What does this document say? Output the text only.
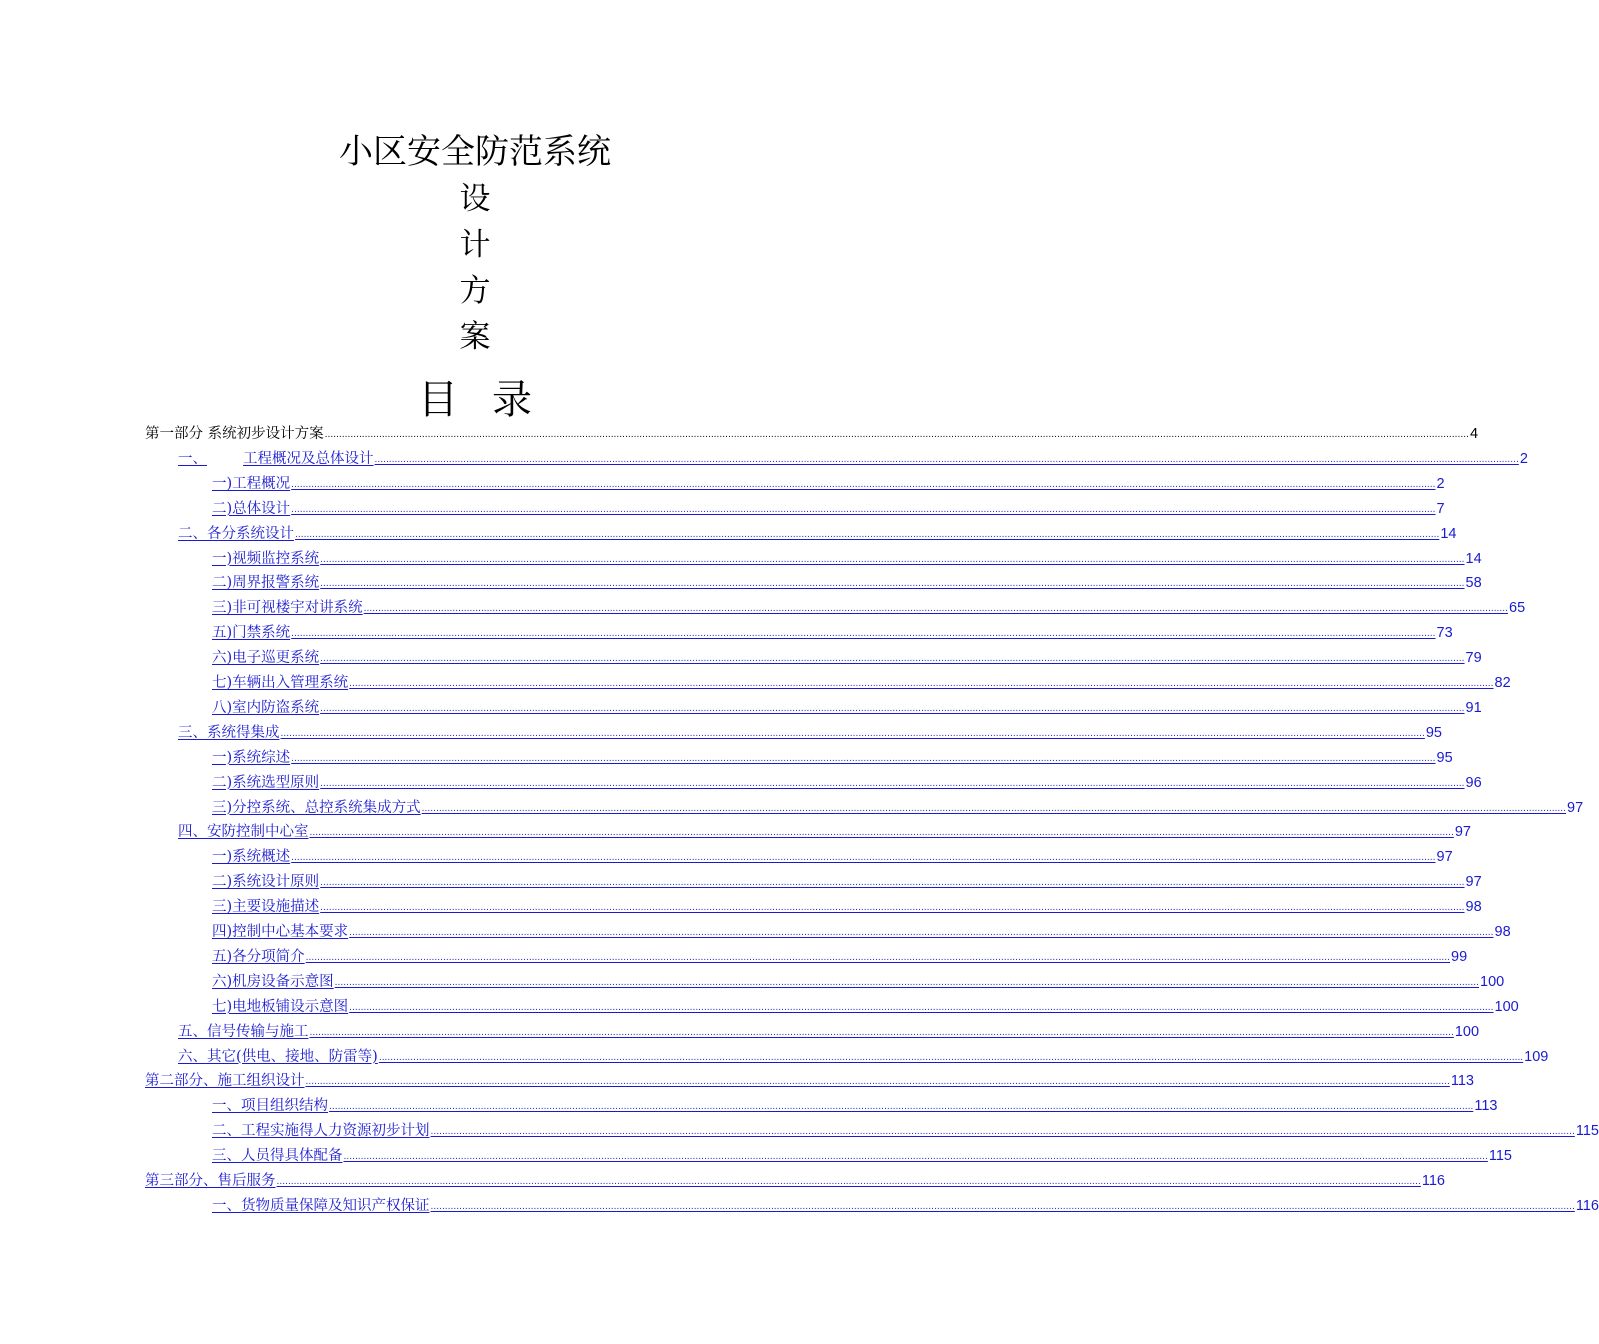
小区安全防范系统
设
计
方
案
目 录
第一部分 系统初步设计方案 ................................................................................................................................................................................................................................................................................................................................................................................................................ 4
一、 工程概况及总体设计 ................................................................................................................................................................................................................................................................................................................................................................................................................ 2
一)工程概况 ................................................................................................................................................................................................................................................................................................................................................................................................................ 2
二)总体设计 ................................................................................................................................................................................................................................................................................................................................................................................................................ 7
二、各分系统设计 ................................................................................................................................................................................................................................................................................................................................................................................................................ 14
一)视频监控系统 ................................................................................................................................................................................................................................................................................................................................................................................................................ 14
二)周界报警系统 ................................................................................................................................................................................................................................................................................................................................................................................................................ 58
三)非可视楼宇对讲系统 ................................................................................................................................................................................................................................................................................................................................................................................................................ 65
五)门禁系统 ................................................................................................................................................................................................................................................................................................................................................................................................................ 73
六)电子巡更系统 ................................................................................................................................................................................................................................................................................................................................................................................................................ 79
七)车辆出入管理系统 ................................................................................................................................................................................................................................................................................................................................................................................................................ 82
八)室内防盗系统 ................................................................................................................................................................................................................................................................................................................................................................................................................ 91
三、系统得集成 ................................................................................................................................................................................................................................................................................................................................................................................................................ 95
一)系统综述 ................................................................................................................................................................................................................................................................................................................................................................................................................ 95
二)系统选型原则 ................................................................................................................................................................................................................................................................................................................................................................................................................ 96
三)分控系统、总控系统集成方式 ................................................................................................................................................................................................................................................................................................................................................................................................................ 97
四、安防控制中心室 ................................................................................................................................................................................................................................................................................................................................................................................................................ 97
一)系统概述 ................................................................................................................................................................................................................................................................................................................................................................................................................ 97
二)系统设计原则 ................................................................................................................................................................................................................................................................................................................................................................................................................ 97
三)主要设施描述 ................................................................................................................................................................................................................................................................................................................................................................................................................ 98
四)控制中心基本要求 ................................................................................................................................................................................................................................................................................................................................................................................................................ 98
五)各分项简介 ................................................................................................................................................................................................................................................................................................................................................................................................................ 99
六)机房设备示意图 ................................................................................................................................................................................................................................................................................................................................................................................................................ 100
七)电地板铺设示意图 ................................................................................................................................................................................................................................................................................................................................................................................................................ 100
五、信号传输与施工 ................................................................................................................................................................................................................................................................................................................................................................................................................ 100
六、其它(供电、接地、防雷等) ................................................................................................................................................................................................................................................................................................................................................................................................................ 109
第二部分、施工组织设计 ................................................................................................................................................................................................................................................................................................................................................................................................................ 113
一、项目组织结构 ................................................................................................................................................................................................................................................................................................................................................................................................................ 113
二、工程实施得人力资源初步计划 ................................................................................................................................................................................................................................................................................................................................................................................................................ 115
三、人员得具体配备 ................................................................................................................................................................................................................................................................................................................................................................................................................ 115
第三部分、售后服务 ................................................................................................................................................................................................................................................................................................................................................................................................................ 116
一、货物质量保障及知识产权保证 ................................................................................................................................................................................................................................................................................................................................................................................................................ 116
